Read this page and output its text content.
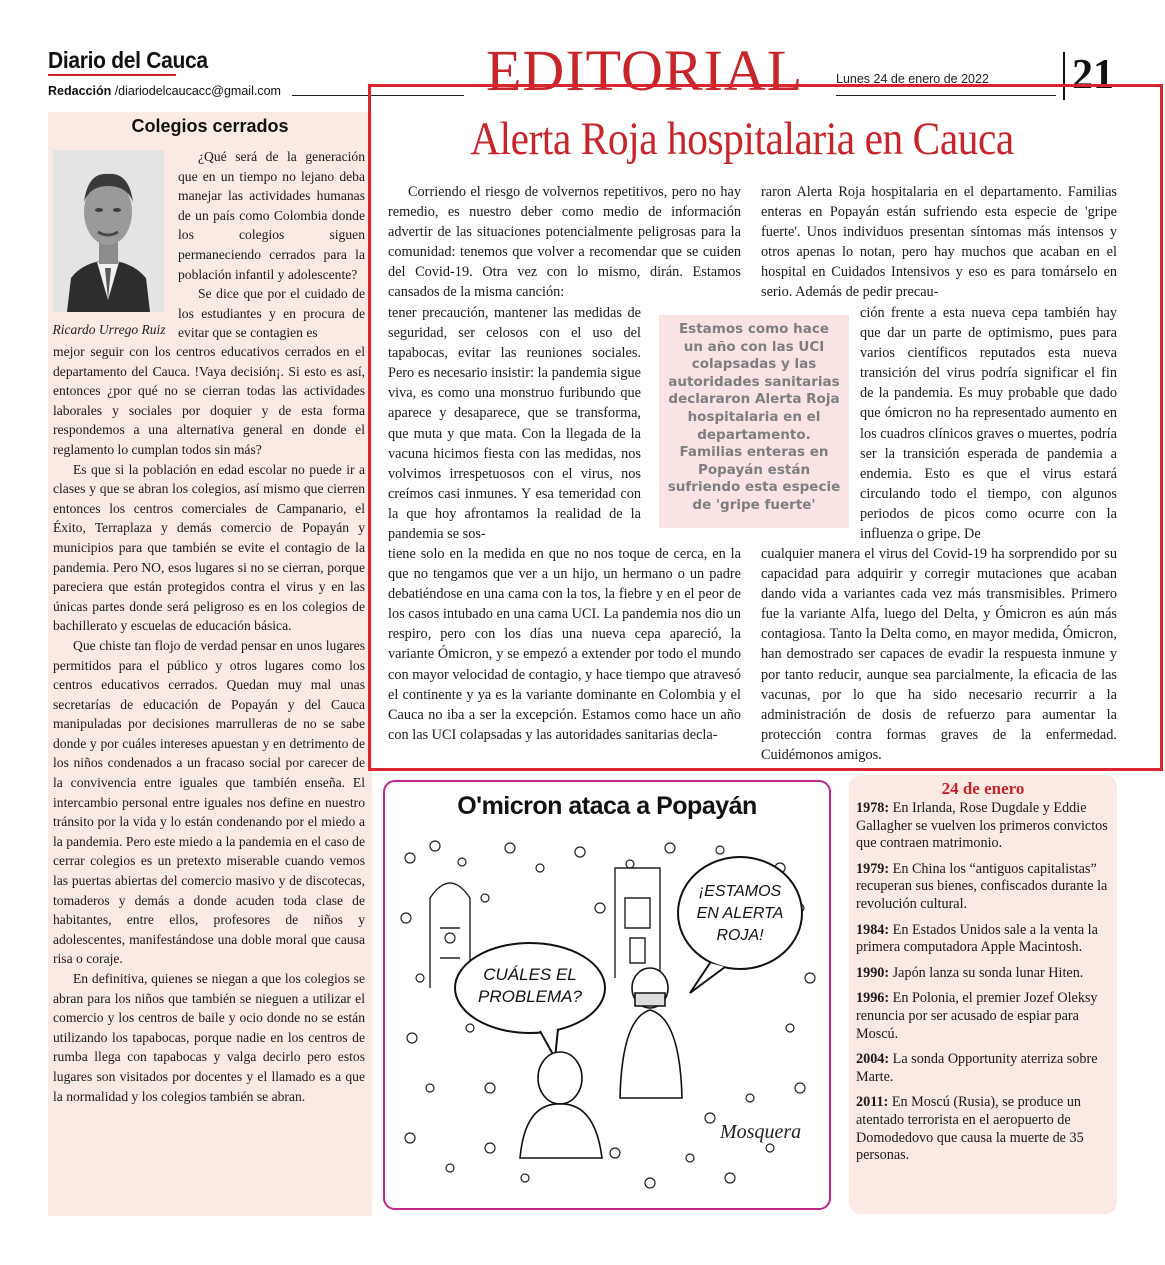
Diario del Cauca
Redacción /diariodelcaucacc@gmail.com	EDITORIAL	Lunes 24 de enero de 2022 21
Colegios cerrados
Ricardo Urrego Ruiz

¿Qué será de la generación que en un tiempo no lejano deba manejar las actividades humanas de un país como Colombia donde los colegios siguen permaneciendo cerrados para la población infantil y adolescente?

Se dice que por el cuidado de los estudiantes y en procura de evitar que se contagien es

mejor seguir con los centros educativos cerrados en el departamento del Cauca. !Vaya decisión¡. Si esto es así, entonces ¿por qué no se cierran todas las actividades laborales y sociales por doquier y de esta forma respondemos a una alternativa general en donde el reglamento lo cumplan todos sin más?

Es que si la población en edad escolar no puede ir a clases y que se abran los colegios, así mismo que cierren entonces los centros comerciales de Campanario, el Éxito, Terraplaza y demás comercio de Popayán y municipios para que también se evite el contagio de la pandemia. Pero NO, esos lugares si no se cierran, porque pareciera que están protegidos contra el virus y en las únicas partes donde será peligroso es en los colegios de bachillerato y escuelas de educación básica.

Que chiste tan flojo de verdad pensar en unos lugares permitidos para el público y otros lugares como los centros educativos cerrados. Quedan muy mal unas secretarías de educación de Popayán y del Cauca manipuladas por decisiones marrulleras de no se sabe donde y por cuáles intereses apuestan y en detrimento de los niños condenados a un fracaso social por carecer de la convivencia entre iguales que también enseña. El intercambio personal entre iguales nos define en nuestro tránsito por la vida y lo están condenando por el miedo a la pandemia. Pero este miedo a la pandemia en el caso de cerrar colegios es un pretexto miserable cuando vemos las puertas abiertas del comercio masivo y de discotecas, tomaderos y demás a donde acuden toda clase de habitantes, entre ellos, profesores de niños y adolescentes, manifestándose una doble moral que causa risa o coraje.

En definitiva, quienes se niegan a que los colegios se abran para los niños que también se nieguen a utilizar el comercio y los centros de baile y ocio donde no se están utilizando los tapabocas, porque nadie en los centros de rumba llega con tapabocas y valga decirlo pero estos lugares son visitados por docentes y el llamado es a que la normalidad y los colegios también se abran.

Alerta Roja hospitalaria en Cauca

Corriendo el riesgo de volvernos repetitivos, pero no hay remedio, es nuestro deber como medio de información advertir de las situaciones potencialmente peligrosas para la comunidad: tenemos que volver a recomendar que se cuiden del Covid-19. Otra vez con lo mismo, dirán. Estamos cansados de la misma canción:

tener precaución, mantener las medidas de seguridad, ser celosos con el uso del tapabocas, evitar las reuniones sociales. Pero es necesario insistir: la pandemia sigue viva, es como una monstruo furibundo que aparece y desaparece, que se transforma, que muta y que mata. Con la llegada de la vacuna hicimos fiesta con las medidas, nos volvimos irrespetuosos con el virus, nos creímos casi inmunes. Y esa temeridad con la que hoy afrontamos la realidad de la pandemia se sos-

tiene solo en la medida en que no nos toque de cerca, en la que no tengamos que ver a un hijo, un hermano o un padre debatiéndose en una cama con la tos, la fiebre y en el peor de los casos intubado en una cama UCI. La pandemia nos dio un respiro, pero con los días una nueva cepa apareció, la variante Ómicron, y se empezó a extender por todo el mundo con mayor velocidad de contagio, y hace tiempo que atravesó el continente y ya es la variante dominante en Colombia y el Cauca no iba a ser la excepción. Estamos como hace un año con las UCI colapsadas y las autoridades sanitarias decla-

raron Alerta Roja hospitalaria en el departamento. Familias enteras en Popayán están sufriendo esta especie de 'gripe fuerte'. Unos individuos presentan síntomas más intensos y otros apenas lo notan, pero hay muchos que acaban en el hospital en Cuidados Intensivos y eso es para tomárselo en serio. Además de pedir precau-

ción frente a esta nueva cepa también hay que dar un parte de optimismo, pues para varios científicos reputados esta nueva transición del virus podría significar el fin de la pandemia. Es muy probable que dado que ómicron no ha representado aumento en los cuadros clínicos graves o muertes, podría ser la transición esperada de pandemia a endemia. Esto es que el virus estará circulando todo el tiempo, con algunos periodos de picos como ocurre con la influenza o gripe. De

cualquier manera el virus del Covid-19 ha sorprendido por su capacidad para adquirir y corregir mutaciones que acaban dando vida a variantes cada vez más transmisibles. Primero fue la variante Alfa, luego del Delta, y Ómicron es aún más contagiosa. Tanto la Delta como, en mayor medida, Ómicron, han demostrado ser capaces de evadir la respuesta inmune y por tanto reducir, aunque sea parcialmente, la eficacia de las vacunas, por lo que ha sido necesario recurrir a la administración de dosis de refuerzo para aumentar la protección contra formas graves de la enfermedad. Cuidémonos amigos.

Estamos como hace un año con las UCI colapsadas y las autoridades sanitarias declararon Alerta Roja hospitalaria en el departamento. Familias enteras en Popayán están sufriendo esta especie de 'gripe fuerte'
O'micron ataca a Popayán
CUÁLES EL
PROBLEMA?
¡ESTAMOS
EN ALERTA
ROJA!
Mosquera
24 de enero
1978: En Irlanda, Rose Dugdale y Eddie Gallagher se vuelven los primeros convictos que contraen matrimonio.
1979: En China los “antiguos capitalistas” recuperan sus bienes, confiscados durante la revolución cultural.
1984: En Estados Unidos sale a la venta la primera computadora Apple Macintosh.
1990: Japón lanza su sonda lunar Hiten.
1996: En Polonia, el premier Jozef Oleksy renuncia por ser acusado de espiar para Moscú.
2004: La sonda Opportunity aterriza sobre Marte.
2011: En Moscú (Rusia), se produce un atentado terrorista en el aeropuerto de Domodedovo que causa la muerte de 35 personas.
